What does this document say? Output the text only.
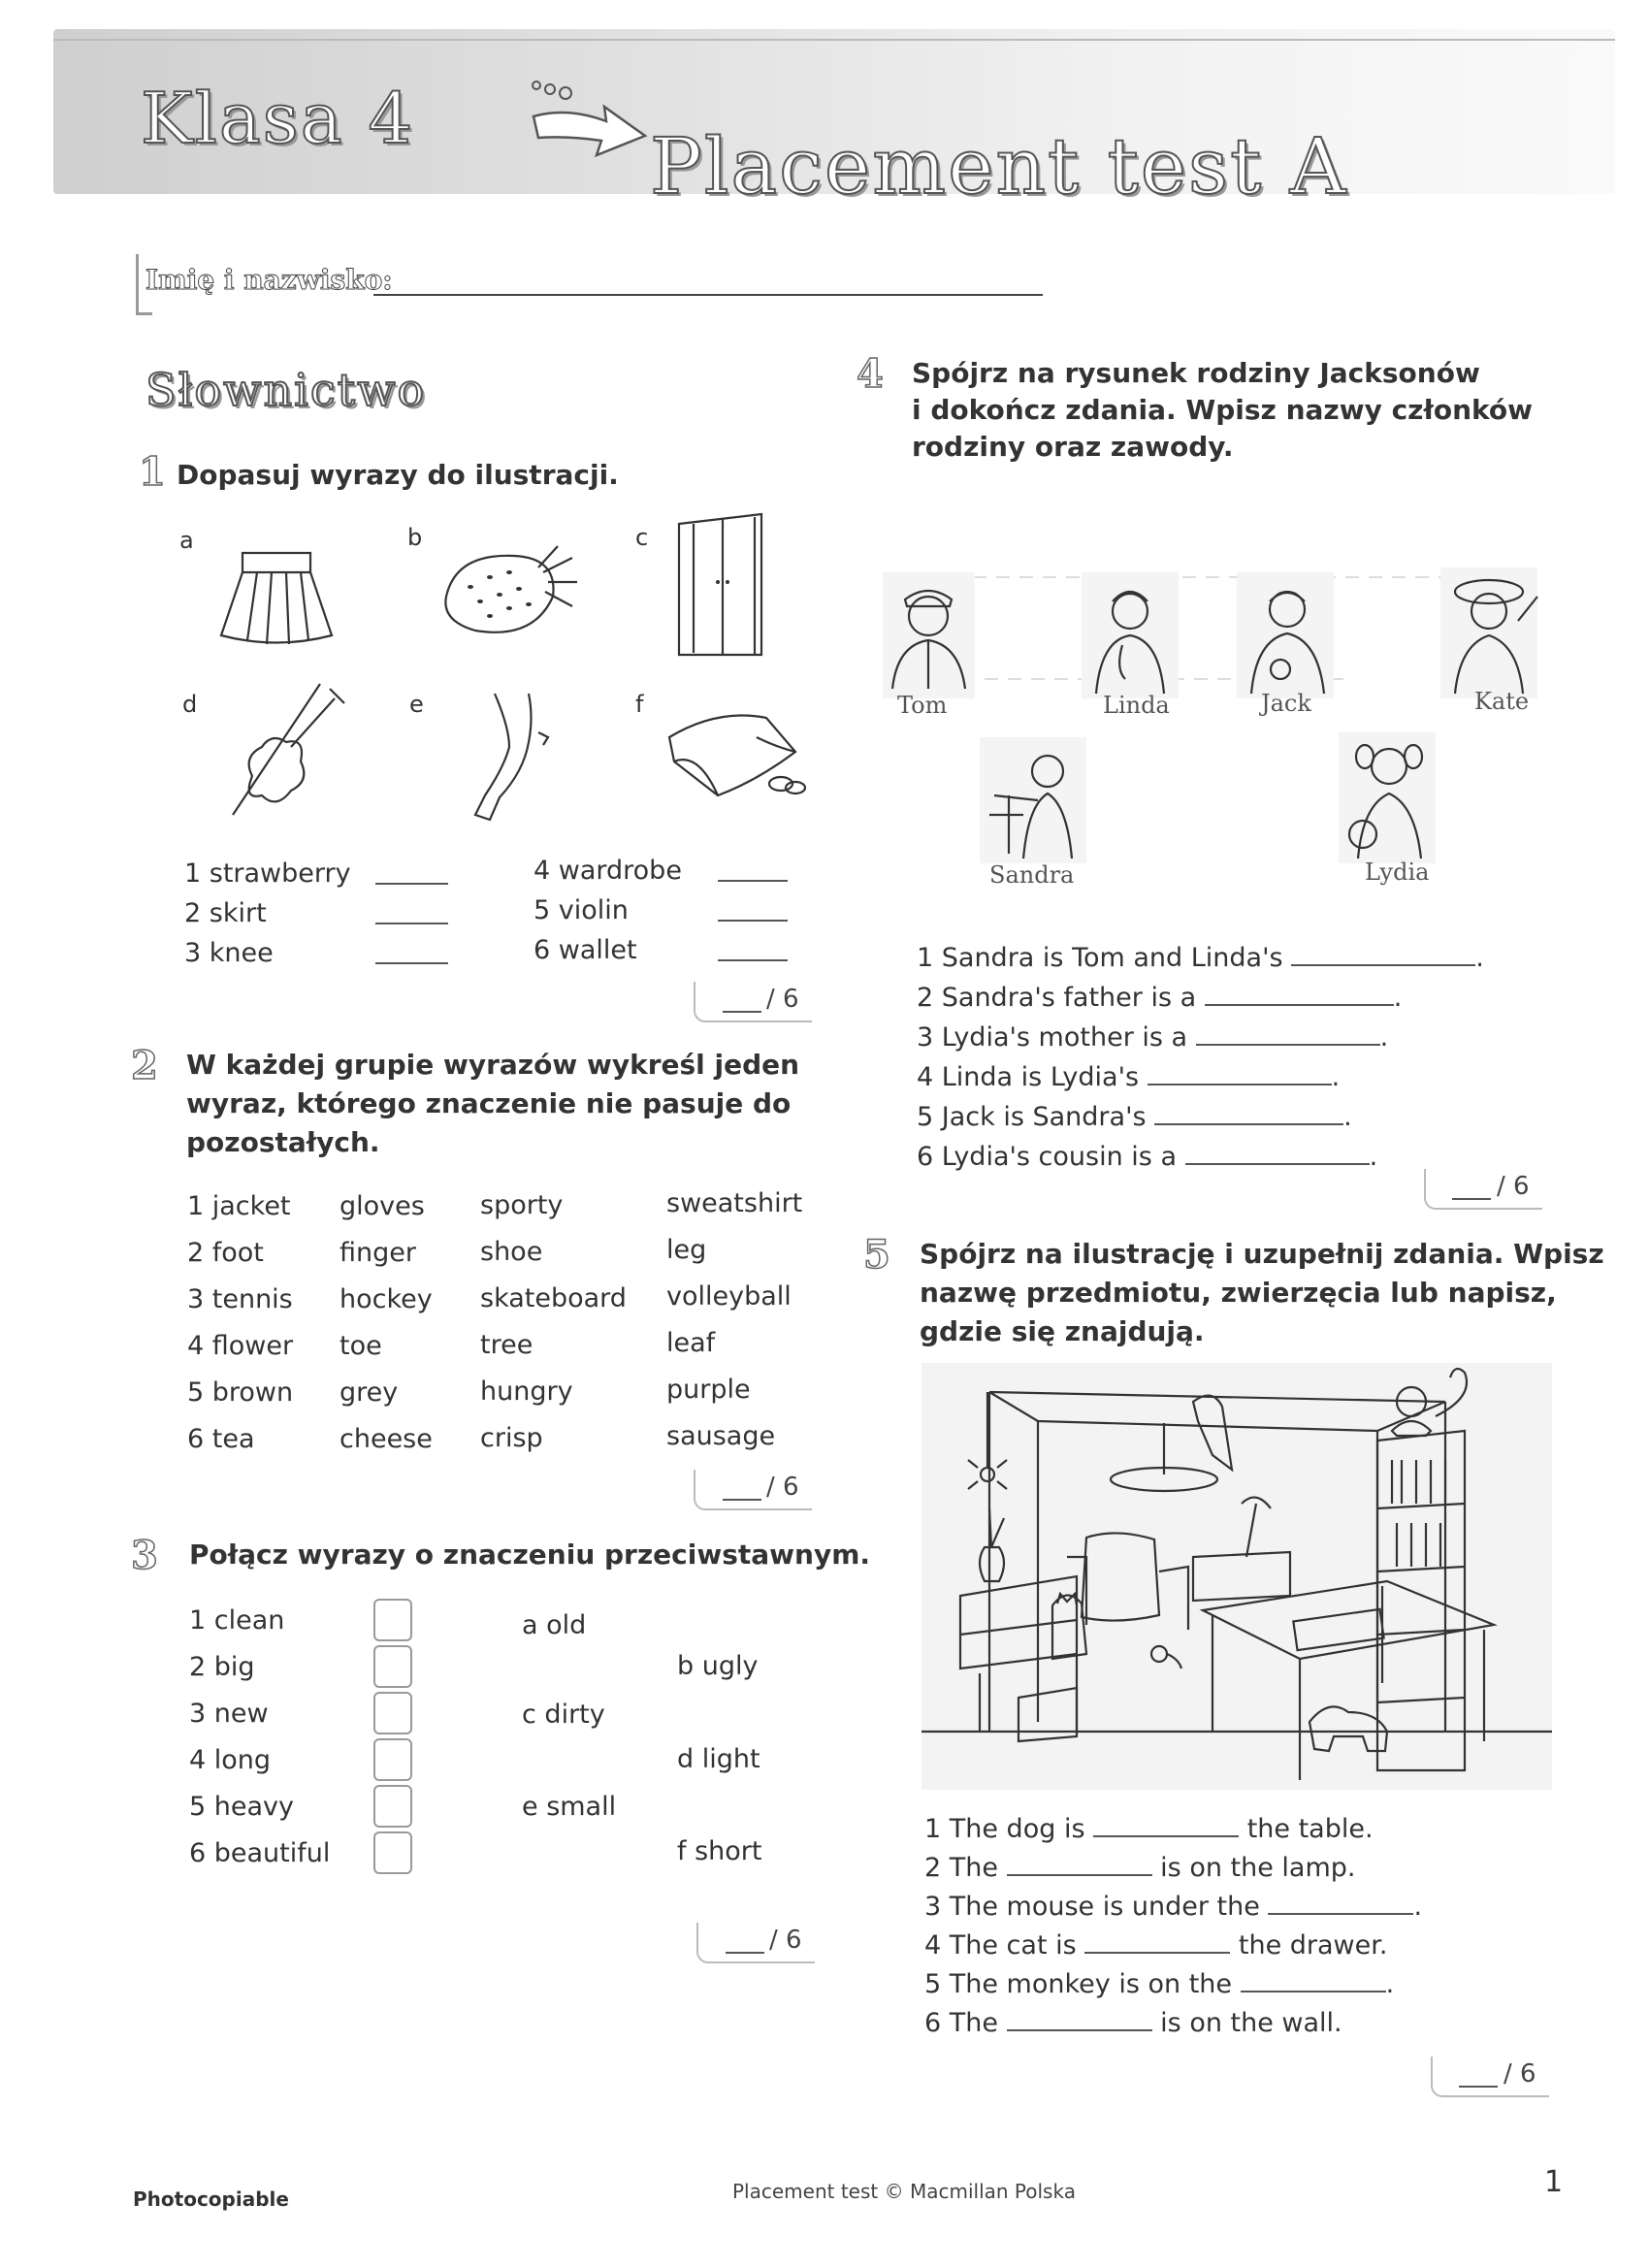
Klasa 4
Placement test A
Imię i nazwisko:
Słownictwo
1 Dopasuj wyrazy do ilustracji.
a	b	c
d	e	f
1 strawberry
2 skirt
3 knee
4 wardrobe
5 violin
6 wallet
/ 6
2 W każdej grupie wyrazów wykreśl jeden
wyraz, którego znaczenie nie pasuje do
pozostałych.
1 jacket gloves sporty	sweatshirt
2 foot	finger shoe	leg
3 tennis hockey skateboard volleyball
4 flower toe	tree	leaf
5 brown grey	hungry	purple
6 tea	cheese crisp	sausage
/ 6
3 Połącz wyrazy o znaczeniu przeciwstawnym.
1 clean
2 big
3 new
4 long
5 heavy
6 beautiful
a old
c dirty
e small
b ugly
d light
f short
/ 6
4 Spójrz na rysunek rodziny Jacksonów
i dokończ zdania. Wpisz nazwy członków
rodziny oraz zawody.
Tom	Linda	Jack	Kate
Sandra	Lydia
1 Sandra is Tom and Linda's	.
2 Sandra's father is a	.
3 Lydia's mother is a	.
4 Linda is Lydia's	.
5 Jack is Sandra's	.
6 Lydia's cousin is a	.
/ 6
5 Spójrz na ilustrację i uzupełnij zdania. Wpisz
nazwę przedmiotu, zwierzęcia lub napisz,
gdzie się znajdują.
1 The dog is	the table.
2 The	is on the lamp.
3 The mouse is under the	.
4 The cat is	the drawer.
5 The monkey is on the	.
6 The	is on the wall.
/ 6
Photocopiable	Placement test © Macmillan Polska	1
